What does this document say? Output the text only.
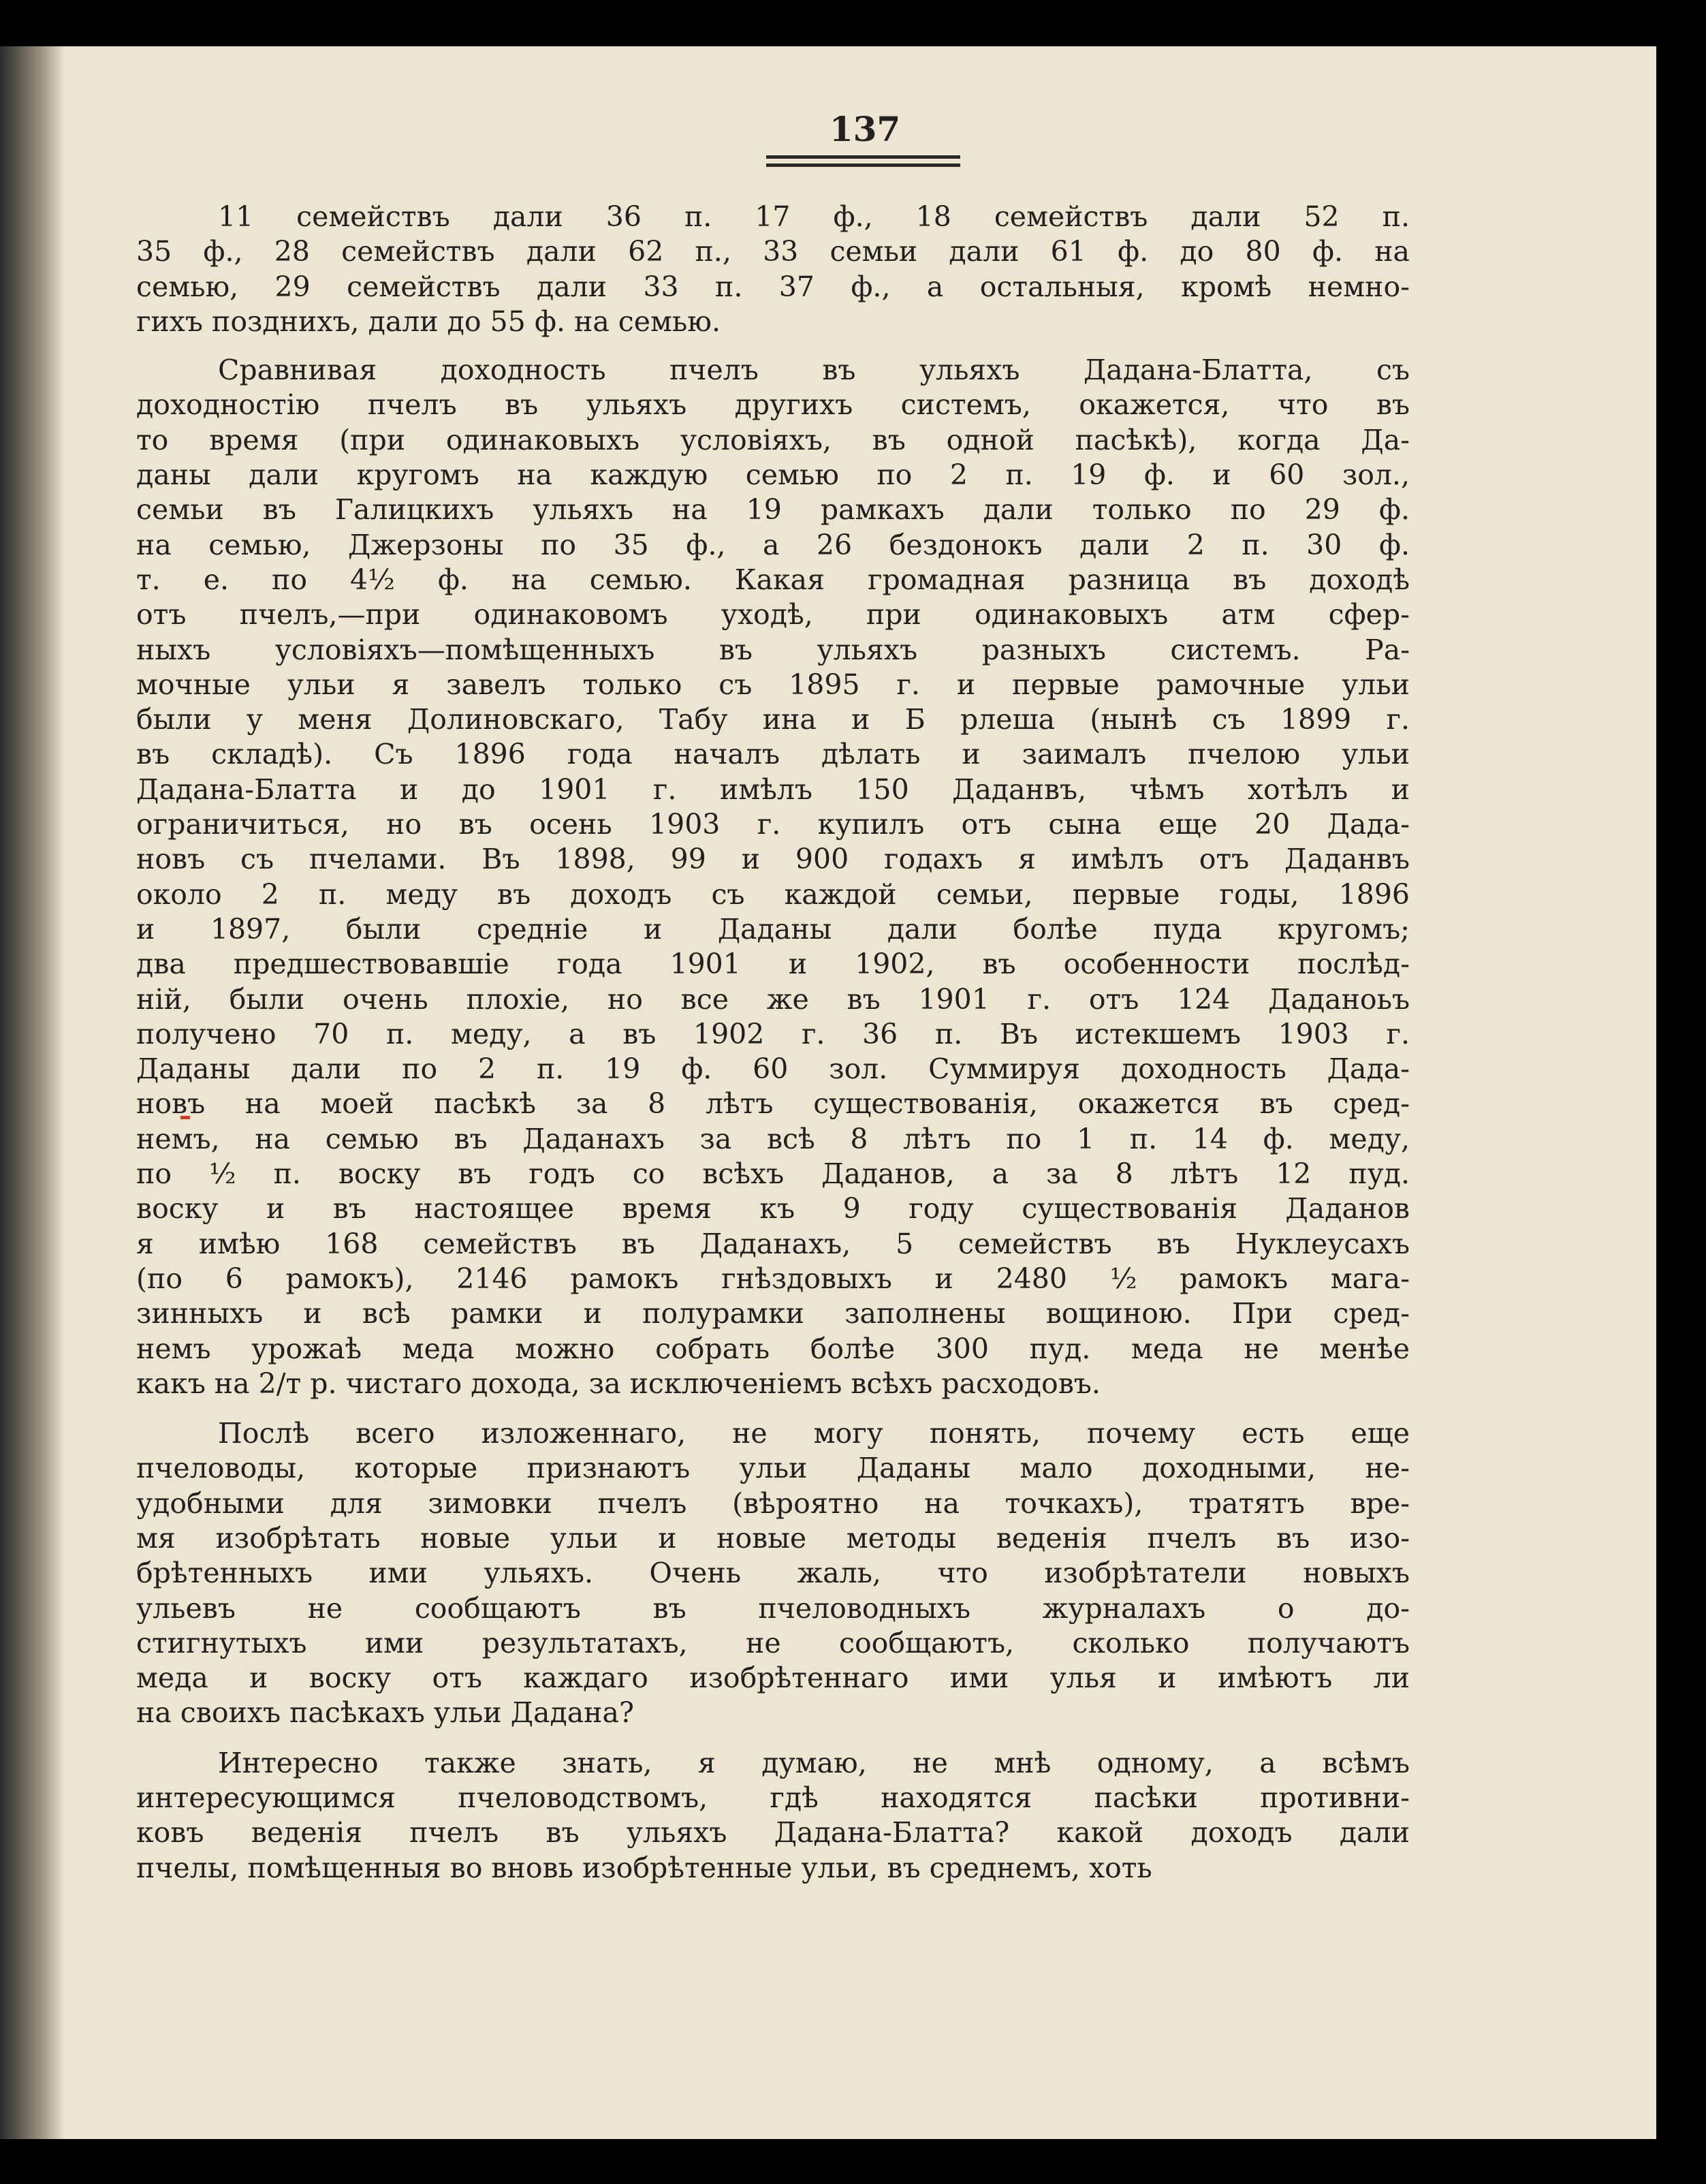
137

11 семействъ дали 36 п. 17 ф., 18 семействъ дали 52 п.
35 ф., 28 семействъ дали 62 п., 33 семьи дали 61 ф. до 80 ф. на
семью, 29 семействъ дали 33 п. 37 ф., а остальныя, кромѣ немно-
гихъ позднихъ, дали до 55 ф. на семью.

Сравнивая доходность пчелъ въ ульяхъ Дадана-Блатта, съ
доходностію пчелъ въ ульяхъ другихъ системъ, окажется, что въ
то время (при одинаковыхъ условіяхъ, въ одной пасѣкѣ), когда Да-
даны дали кругомъ на каждую семью по 2 п. 19 ф. и 60 зол.,
семьи въ Галицкихъ ульяхъ на 19 рамкахъ дали только по 29 ф.
на семью, Джерзоны по 35 ф., а 26 бездонокъ дали 2 п. 30 ф.
т. е. по 4½ ф. на семью. Какая громадная разница въ доходѣ
отъ пчелъ,—при одинаковомъ уходѣ, при одинаковыхъ атм сфер-
ныхъ условіяхъ—помѣщенныхъ въ ульяхъ разныхъ системъ. Ра-
мочные ульи я завелъ только съ 1895 г. и первые рамочные ульи
были у меня Долиновскаго, Табу ина и Б рлеша (нынѣ съ 1899 г.
въ складѣ). Съ 1896 года началъ дѣлать и заималъ пчелою ульи
Дадана-Блатта и до 1901 г. имѣлъ 150 Даданвъ, чѣмъ хотѣлъ и
ограничиться, но въ осень 1903 г. купилъ отъ сына еще 20 Дада-
новъ съ пчелами. Въ 1898, 99 и 900 годахъ я имѣлъ отъ Даданвъ
около 2 п. меду въ доходъ съ каждой семьи, первые годы, 1896
и 1897, были средніе и Даданы дали болѣе пуда кругомъ;
два предшествовавшіе года 1901 и 1902, въ особенности послѣд-
ній, были очень плохіе, но все же въ 1901 г. отъ 124 Даданоьъ
получено 70 п. меду, а въ 1902 г. 36 п. Въ истекшемъ 1903 г.
Даданы дали по 2 п. 19 ф. 60 зол. Суммируя доходность Дада-
новъ на моей пасѣкѣ за 8 лѣтъ существованія, окажется въ сред-
немъ, на семью въ Даданахъ за всѣ 8 лѣтъ по 1 п. 14 ф. меду,
по ½ п. воску въ годъ со всѣхъ Даданов, а за 8 лѣтъ 12 пуд.
воску и въ настоящее время къ 9 году существованія Даданов
я имѣю 168 семействъ въ Даданахъ, 5 семействъ въ Нуклеусахъ
(по 6 рамокъ), 2146 рамокъ гнѣздовыхъ и 2480 ½ рамокъ мага-
зинныхъ и всѣ рамки и полурамки заполнены вощиною. При сред-
немъ урожаѣ меда можно собрать болѣе 300 пуд. меда не менѣе
какъ на 2/т р. чистаго дохода, за исключеніемъ всѣхъ расходовъ.

Послѣ всего изложеннаго, не могу понять, почему есть еще
пчеловоды, которые признаютъ ульи Даданы мало доходными, не-
удобными для зимовки пчелъ (вѣроятно на точкахъ), тратятъ вре-
мя изобрѣтать новые ульи и новые методы веденія пчелъ въ изо-
брѣтенныхъ ими ульяхъ. Очень жаль, что изобрѣтатели новыхъ
ульевъ не сообщаютъ въ пчеловодныхъ журналахъ о до-
стигнутыхъ ими результатахъ, не сообщаютъ, сколько получаютъ
меда и воску отъ каждаго изобрѣтеннаго ими улья и имѣютъ ли
на своихъ пасѣкахъ ульи Дадана?

Интересно также знать, я думаю, не мнѣ одному, а всѣмъ
интересующимся пчеловодствомъ, гдѣ находятся пасѣки противни-
ковъ веденія пчелъ въ ульяхъ Дадана-Блатта? какой доходъ дали
пчелы, помѣщенныя во вновь изобрѣтенные ульи, въ среднемъ, хоть
